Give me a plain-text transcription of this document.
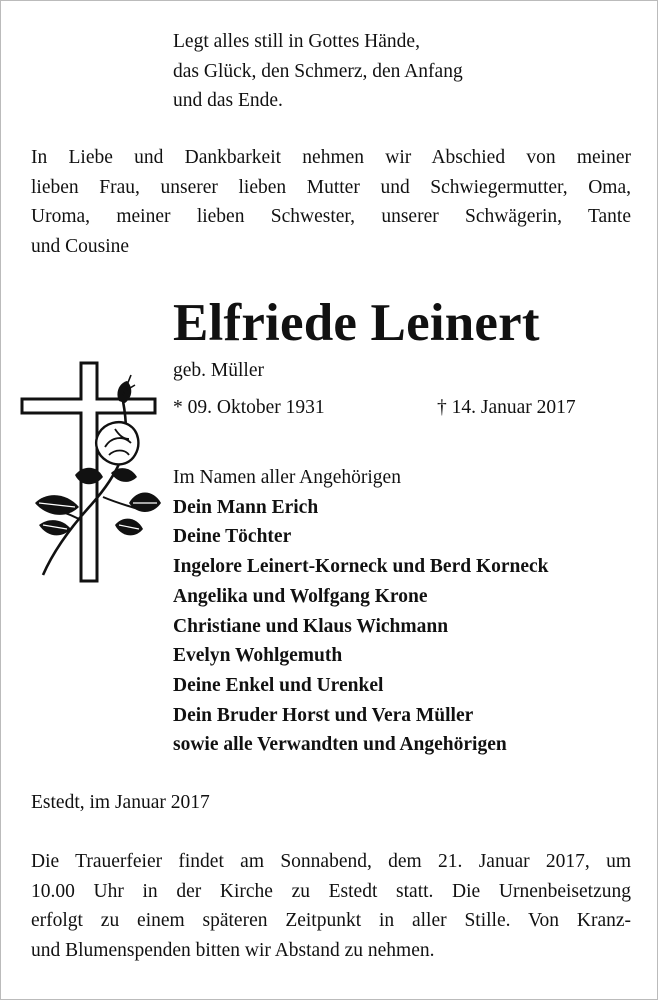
Legt alles still in Gottes Hände,
das Glück, den Schmerz, den Anfang
und das Ende.
In Liebe und Dankbarkeit nehmen wir Abschied von meiner
lieben Frau, unserer lieben Mutter und Schwiegermutter, Oma,
Uroma, meiner lieben Schwester, unserer Schwägerin, Tante
und Cousine
Elfriede Leinert
geb. Müller
* 09. Oktober 1931	† 14. Januar 2017
Im Namen aller Angehörigen
Dein Mann Erich
Deine Töchter
Ingelore Leinert-Korneck und Berd Korneck
Angelika und Wolfgang Krone
Christiane und Klaus Wichmann
Evelyn Wohlgemuth
Deine Enkel und Urenkel
Dein Bruder Horst und Vera Müller
sowie alle Verwandten und Angehörigen
Estedt, im Januar 2017
Die Trauerfeier findet am Sonnabend, dem 21. Januar 2017, um
10.00 Uhr in der Kirche zu Estedt statt. Die Urnenbeisetzung
erfolgt zu einem späteren Zeitpunkt in aller Stille. Von Kranz-
und Blumenspenden bitten wir Abstand zu nehmen.
